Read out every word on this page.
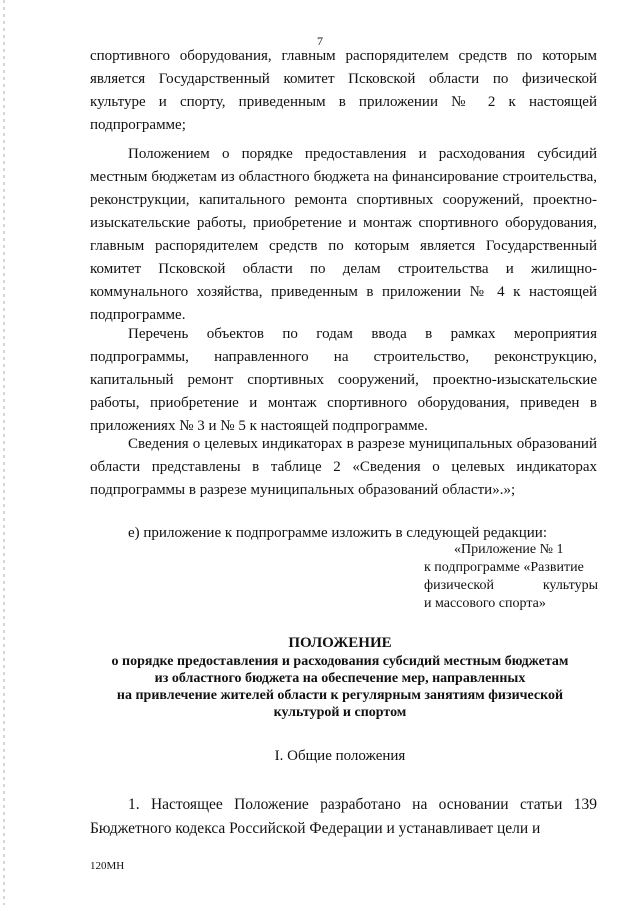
7

спортивного оборудования, главным распорядителем средств по которым является Государственный комитет Псковской области по физической культуре и спорту, приведенным в приложении № 2 к настоящей подпрограмме;

Положением о порядке предоставления и расходования субсидий местным бюджетам из областного бюджета на финансирование строительства, реконструкции, капитального ремонта спортивных сооружений, проектно-изыскательские работы, приобретение и монтаж спортивного оборудования, главным распорядителем средств по которым является Государственный комитет Псковской области по делам строительства и жилищно-коммунального хозяйства, приведенным в приложении № 4 к настоящей подпрограмме.

Перечень объектов по годам ввода в рамках мероприятия подпрограммы, направленного на строительство, реконструкцию, капитальный ремонт спортивных сооружений, проектно-изыскательские работы, приобретение и монтаж спортивного оборудования, приведен в приложениях № 3 и № 5 к настоящей подпрограмме.

Сведения о целевых индикаторах в разрезе муниципальных образований области представлены в таблице 2 «Сведения о целевых индикаторах подпрограммы в разрезе муниципальных образований области».»;

е) приложение к подпрограмме изложить в следующей редакции:

«Приложение № 1
к подпрограмме «Развитие
физической	культуры
и массового спорта»
ПОЛОЖЕНИЕ
о порядке предоставления и расходования субсидий местным бюджетам
из областного бюджета на обеспечение мер, направленных
на привлечение жителей области к регулярным занятиям физической
культурой и спортом
I. Общие положения

1. Настоящее Положение разработано на основании статьи 139 Бюджетного кодекса Российской Федерации и устанавливает цели и

120МН
